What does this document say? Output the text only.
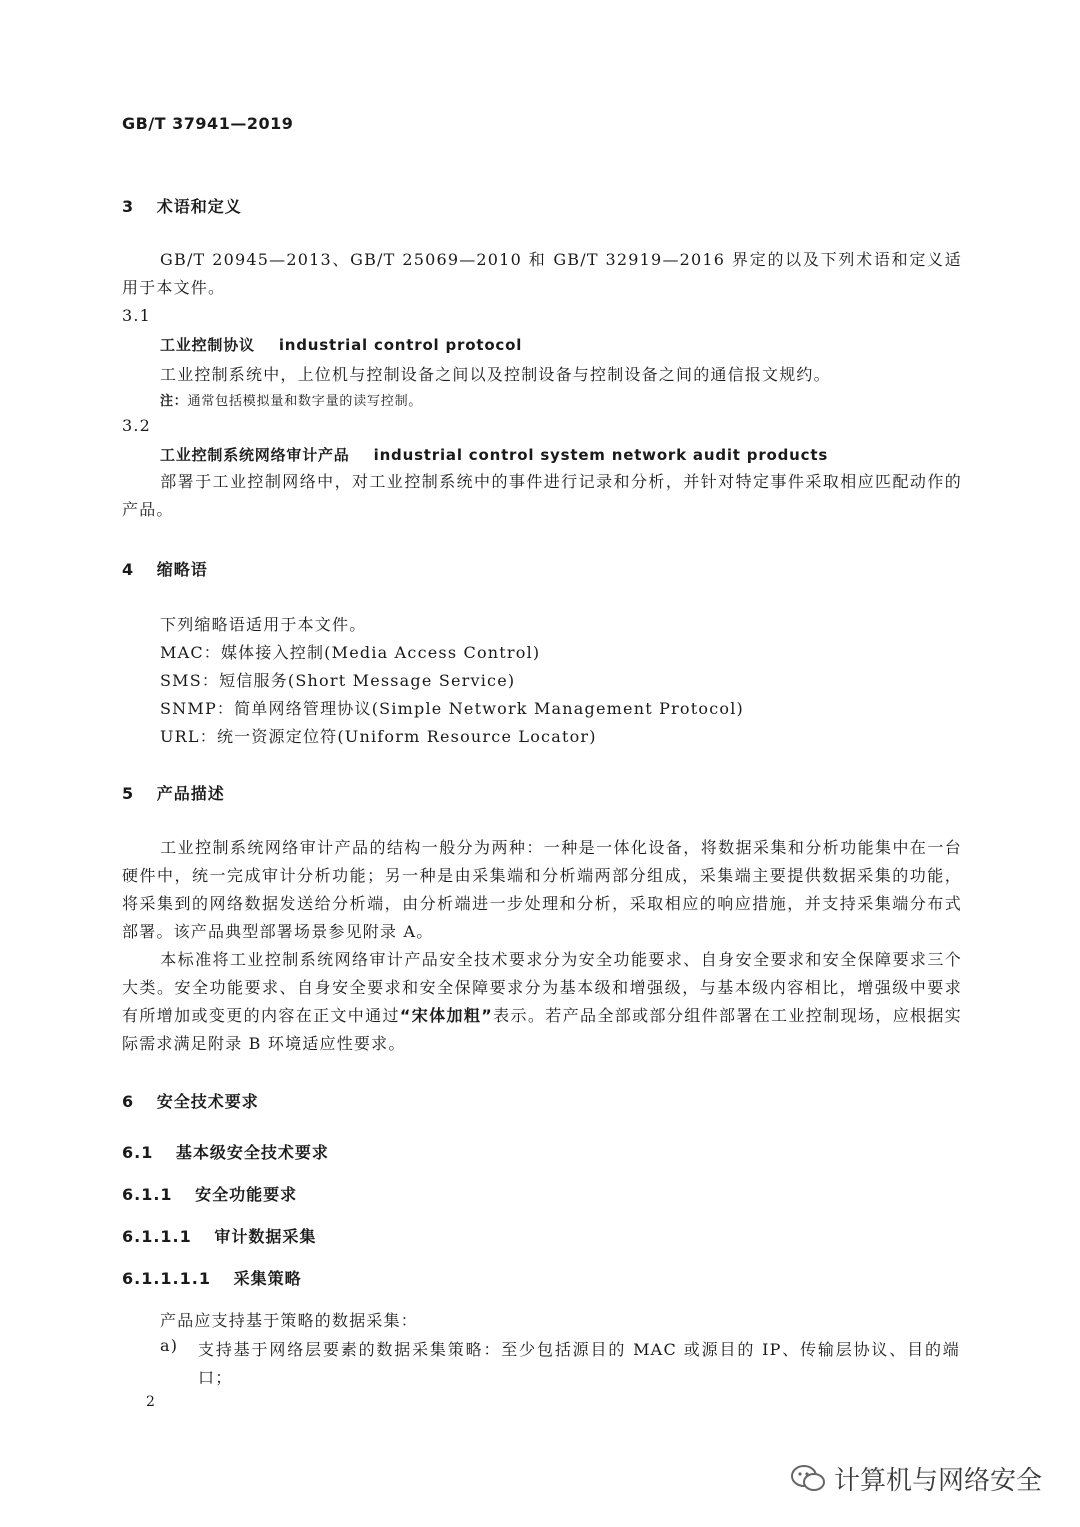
GB/T 37941—2019
3 术语和定义
GB/T 20945—2013、GB/T 25069—2010 和 GB/T 32919—2016 界定的以及下列术语和定义适用于本文件。
3.1
工业控制协议 industrial control protocol
工业控制系统中，上位机与控制设备之间以及控制设备与控制设备之间的通信报文规约。
注：通常包括模拟量和数字量的读写控制。
3.2
工业控制系统网络审计产品 industrial control system network audit products
部署于工业控制网络中，对工业控制系统中的事件进行记录和分析，并针对特定事件采取相应匹配动作的产品。
4 缩略语
下列缩略语适用于本文件。
MAC：媒体接入控制(Media Access Control)
SMS：短信服务(Short Message Service)
SNMP：简单网络管理协议(Simple Network Management Protocol)
URL：统一资源定位符(Uniform Resource Locator)
5 产品描述
工业控制系统网络审计产品的结构一般分为两种：一种是一体化设备，将数据采集和分析功能集中在一台硬件中，统一完成审计分析功能；另一种是由采集端和分析端两部分组成，采集端主要提供数据采集的功能，将采集到的网络数据发送给分析端，由分析端进一步处理和分析，采取相应的响应措施，并支持采集端分布式部署。该产品典型部署场景参见附录 A。
本标准将工业控制系统网络审计产品安全技术要求分为安全功能要求、自身安全要求和安全保障要求三个大类。安全功能要求、自身安全要求和安全保障要求分为基本级和增强级，与基本级内容相比，增强级中要求有所增加或变更的内容在正文中通过“宋体加粗”表示。若产品全部或部分组件部署在工业控制现场，应根据实际需求满足附录 B 环境适应性要求。
6 安全技术要求
6.1 基本级安全技术要求
6.1.1 安全功能要求
6.1.1.1 审计数据采集
6.1.1.1.1 采集策略
产品应支持基于策略的数据采集：
a) 支持基于网络层要素的数据采集策略：至少包括源目的 MAC 或源目的 IP、传输层协议、目的端口；
2
计算机与网络安全
